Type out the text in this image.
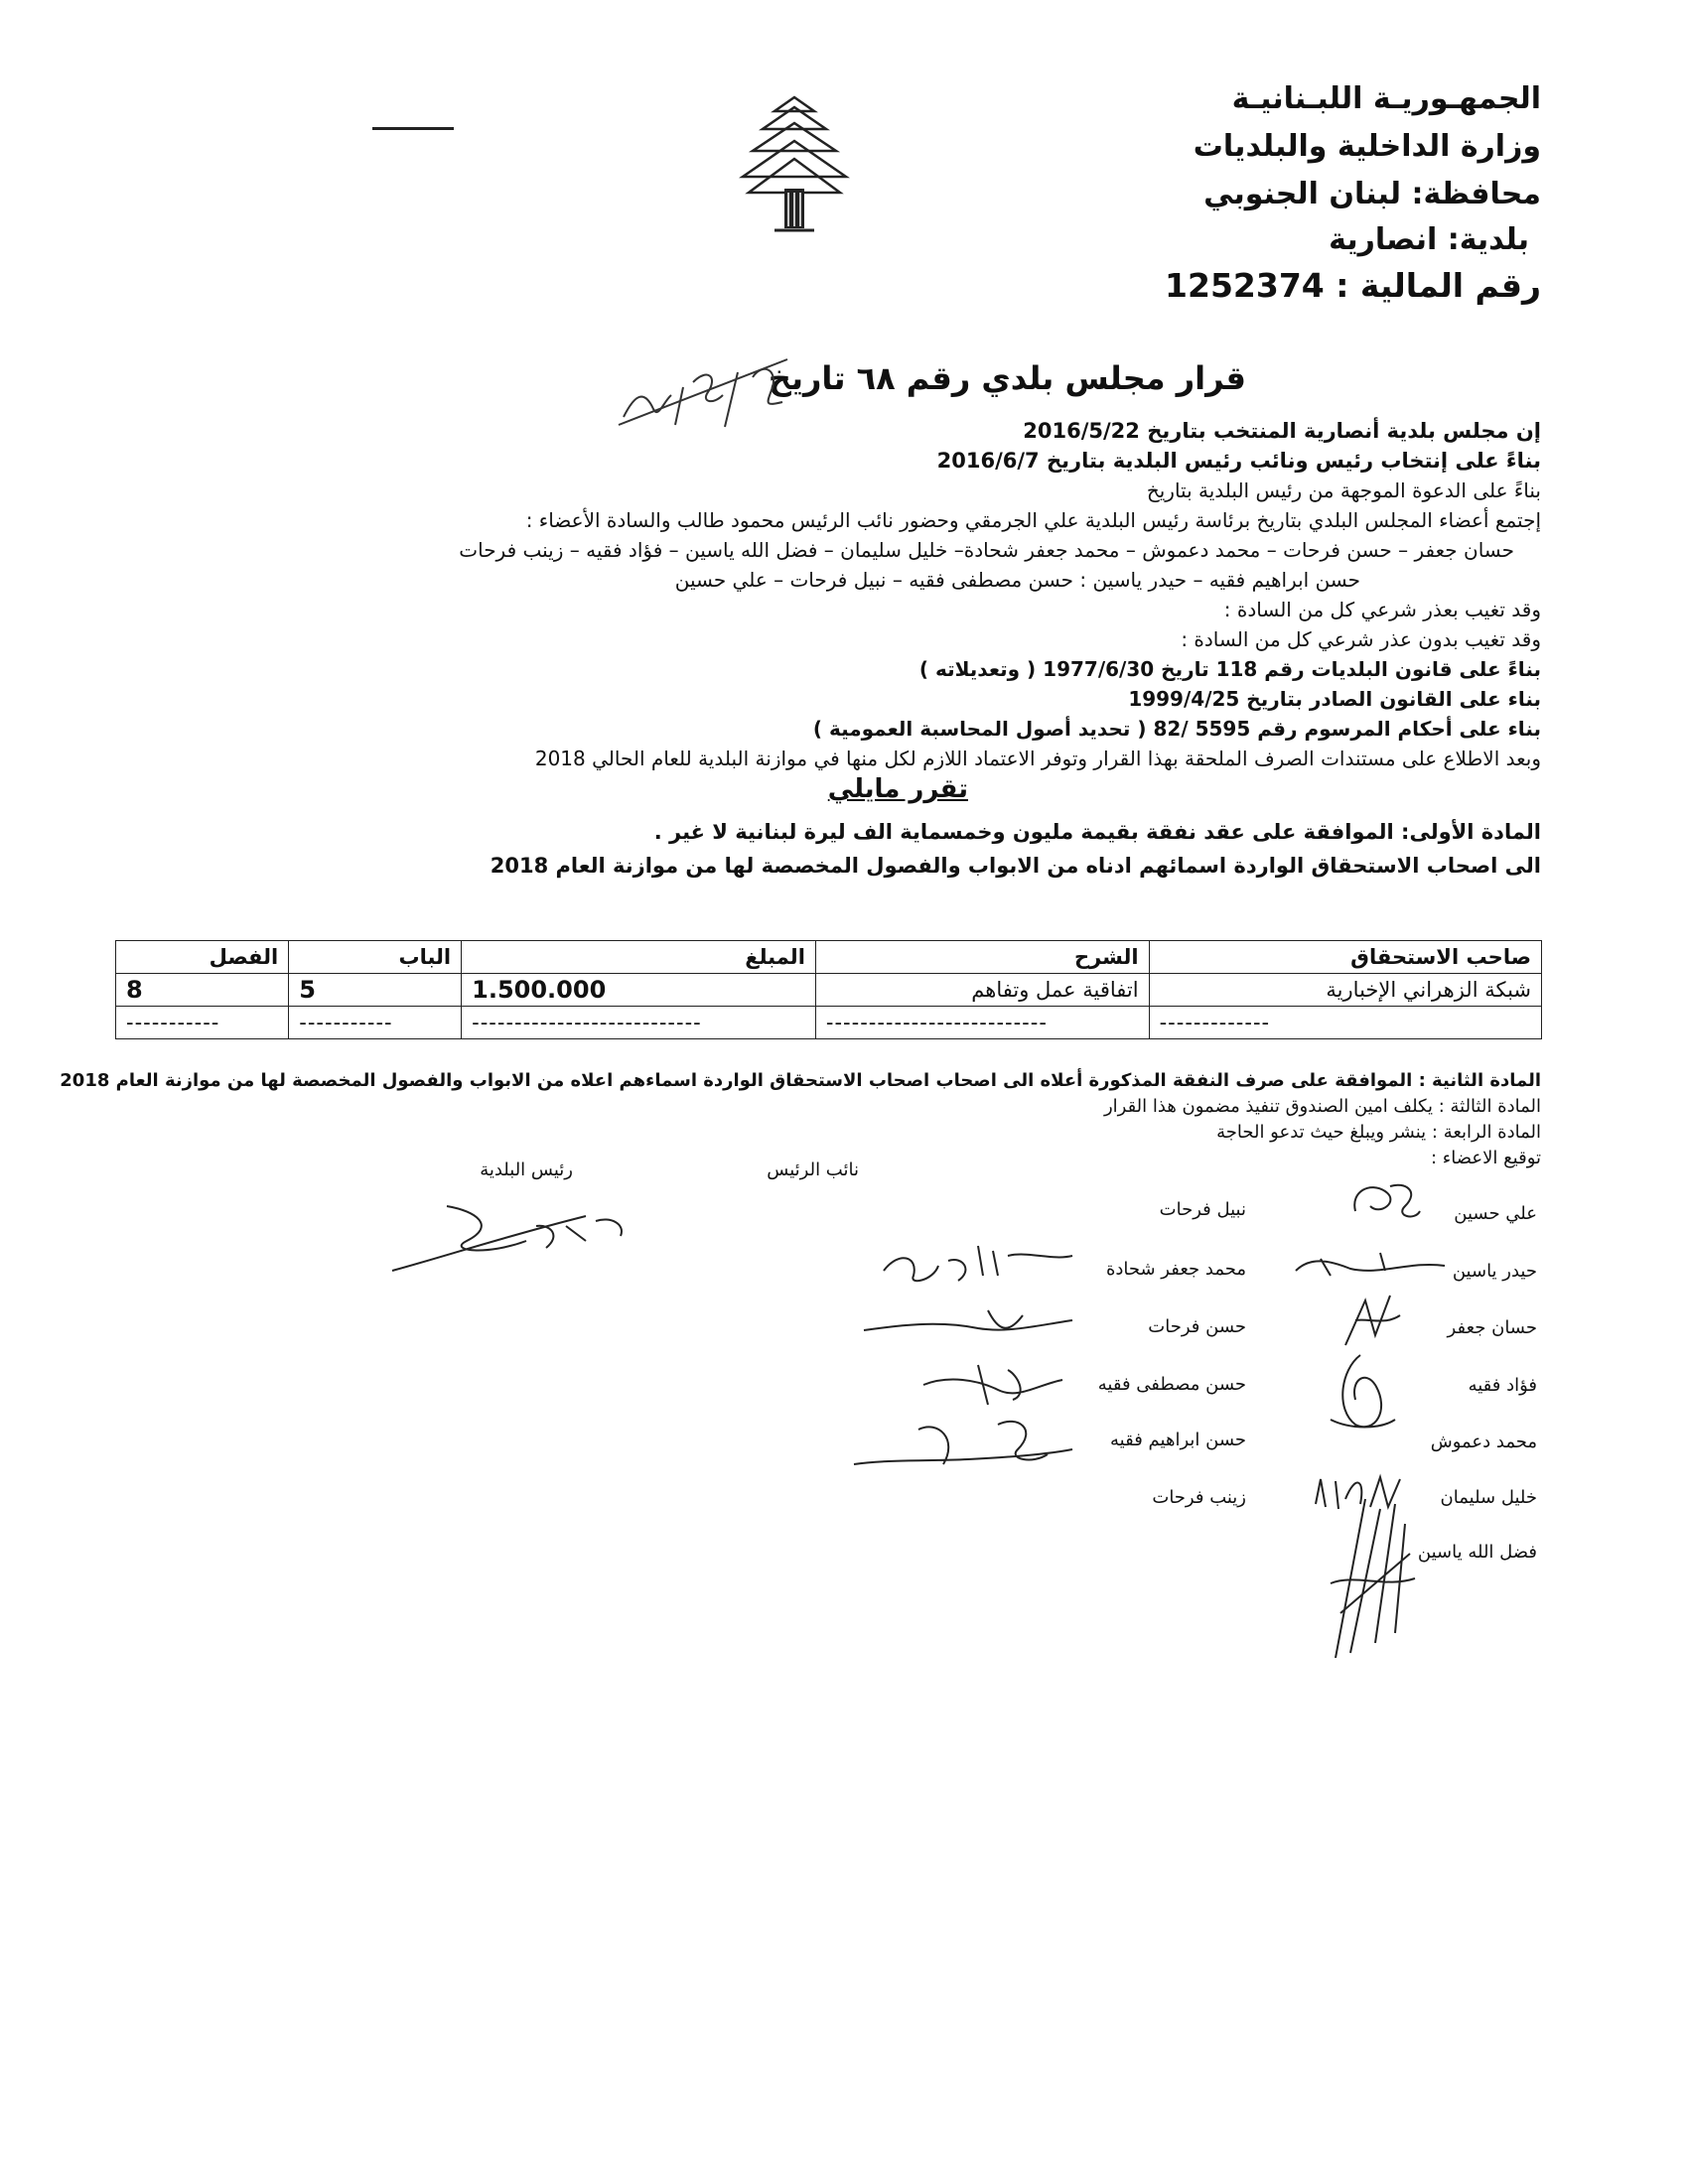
الجمهـوريـة اللبـنانيـة
وزارة الداخلية والبلديات
محافظة: لبنان الجنوبي
بلدية: انصارية
رقم المالية : 1252374
قرار مجلس بلدي رقم ٦٨ تاريخ
إن مجلس بلدية أنصارية المنتخب بتاريخ 2016/5/22
بناءً على إنتخاب رئيس ونائب رئيس البلدية بتاريخ 2016/6/7
بناءً على الدعوة الموجهة من رئيس البلدية بتاريخ
إجتمع أعضاء المجلس البلدي بتاريخ برئاسة رئيس البلدية علي الجرمقي وحضور نائب الرئيس محمود طالب والسادة الأعضاء :
حسان جعفر – حسن فرحات – محمد دعموش – محمد جعفر شحادة– خليل سليمان – فضل الله ياسين – فؤاد فقيه – زينب فرحات
حسن ابراهيم فقيه – حيدر ياسين : حسن مصطفى فقيه – نبيل فرحات – علي حسين
وقد تغيب بعذر شرعي كل من السادة :
وقد تغيب بدون عذر شرعي كل من السادة :
بناءً على قانون البلديات رقم 118 تاريخ 1977/6/30 ( وتعديلاته )
بناء على القانون الصادر بتاريخ 1999/4/25
بناء على أحكام المرسوم رقم 5595 /82 ( تحديد أصول المحاسبة العمومية )
وبعد الاطلاع على مستندات الصرف الملحقة بهذا القرار وتوفر الاعتماد اللازم لكل منها في موازنة البلدية للعام الحالي 2018
تقرر مايلي
المادة الأولى: الموافقة على عقد نفقة بقيمة مليون وخمسماية الف ليرة لبنانية لا غير .
الى اصحاب الاستحقاق الواردة اسمائهم ادناه من الابواب والفصول المخصصة لها من موازنة العام 2018
صاحب الاستحقاق	الشرح	المبلغ	الباب	الفصل
شبكة الزهراني الإخبارية	اتفاقية عمل وتفاهم	1.500.000	5	8
-------------	--------------------------	---------------------------	-----------	-----------
المادة الثانية : الموافقة على صرف النفقة المذكورة أعلاه الى اصحاب اصحاب الاستحقاق الواردة اسماءهم اعلاه من الابواب والفصول المخصصة لها من موازنة العام 2018
المادة الثالثة : يكلف امين الصندوق تنفيذ مضمون هذا القرار
المادة الرابعة : ينشر ويبلغ حيث تدعو الحاجة
توقيع الاعضاء :
رئيس البلدية	نائب الرئيس
علي حسين
حيدر ياسين
حسان جعفر
فؤاد فقيه
محمد دعموش
خليل سليمان
فضل الله ياسين
نبيل فرحات
محمد جعفر شحادة
حسن فرحات
حسن مصطفى فقيه
حسن ابراهيم فقيه
زينب فرحات
